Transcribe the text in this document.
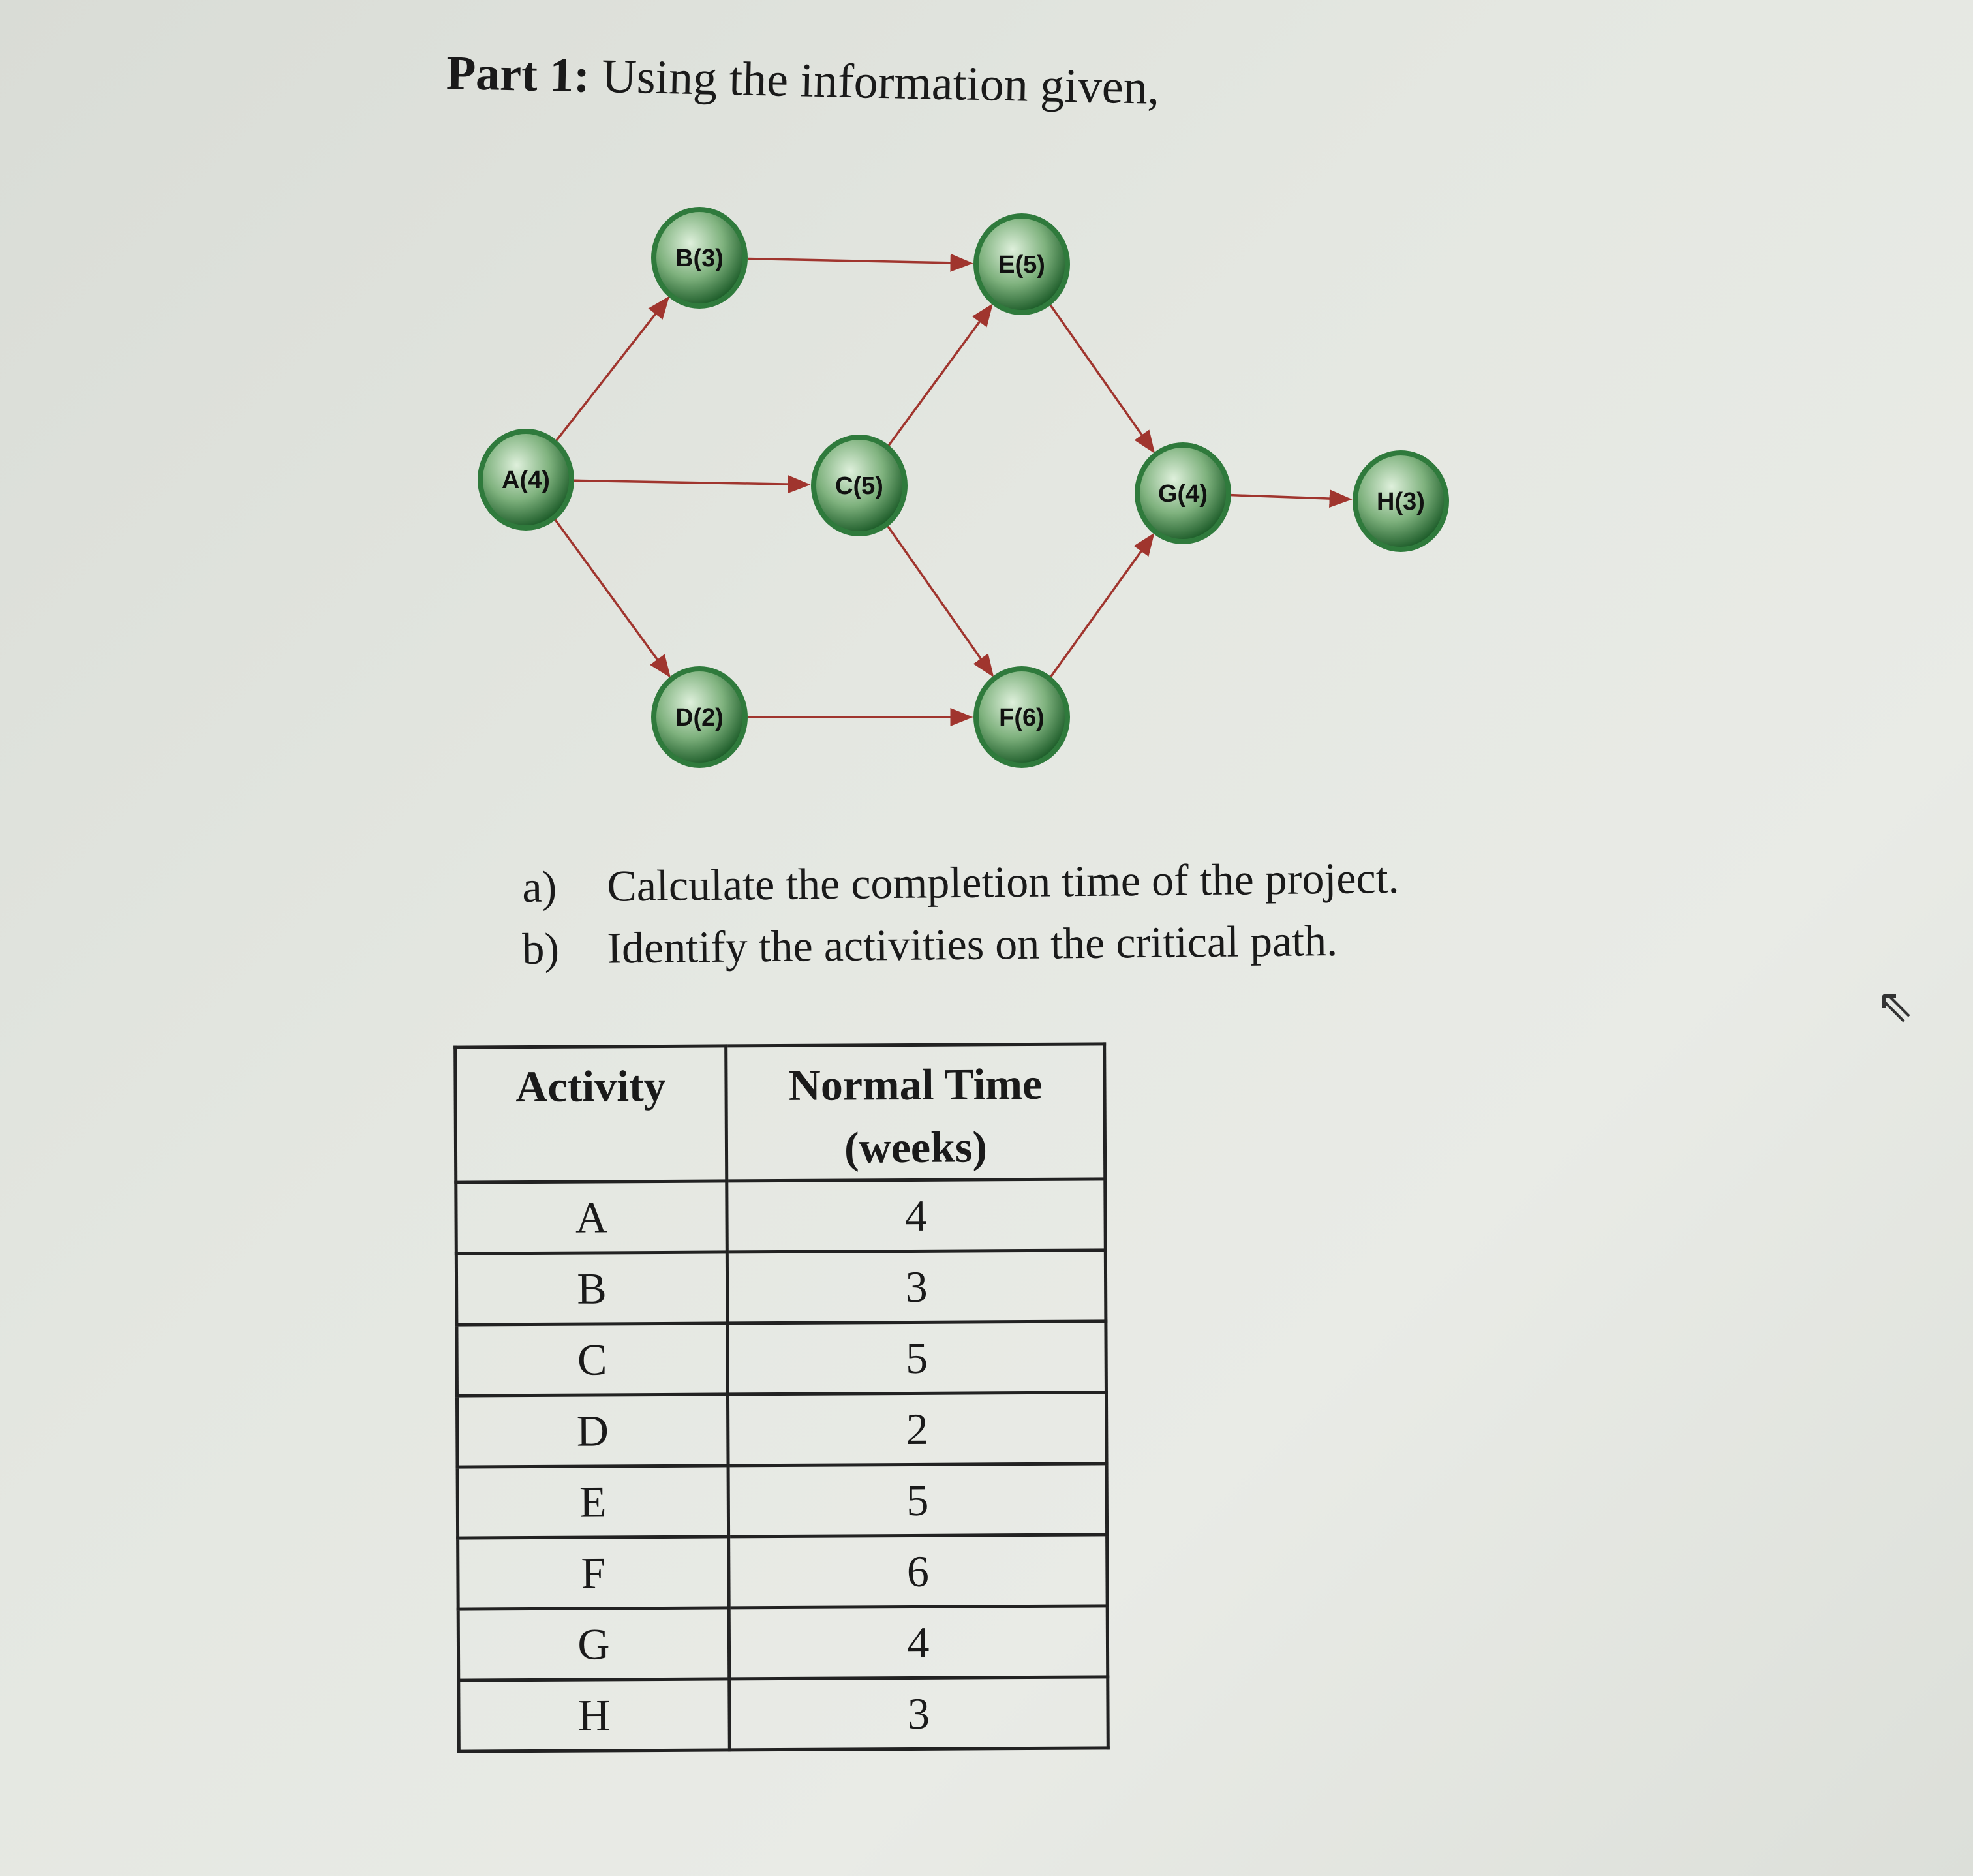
Part 1: Using the information given,
A(4)
B(3)
C(5)
D(2)
E(5)
F(6)
G(4)	H(3)
a) Calculate the completion time of the project.
b) Identify the activities on the critical path.
Activity	Normal Time (weeks)
A	4
B	3
C	5
D	2
E	5
F	6
G	4
H	3
⇖
